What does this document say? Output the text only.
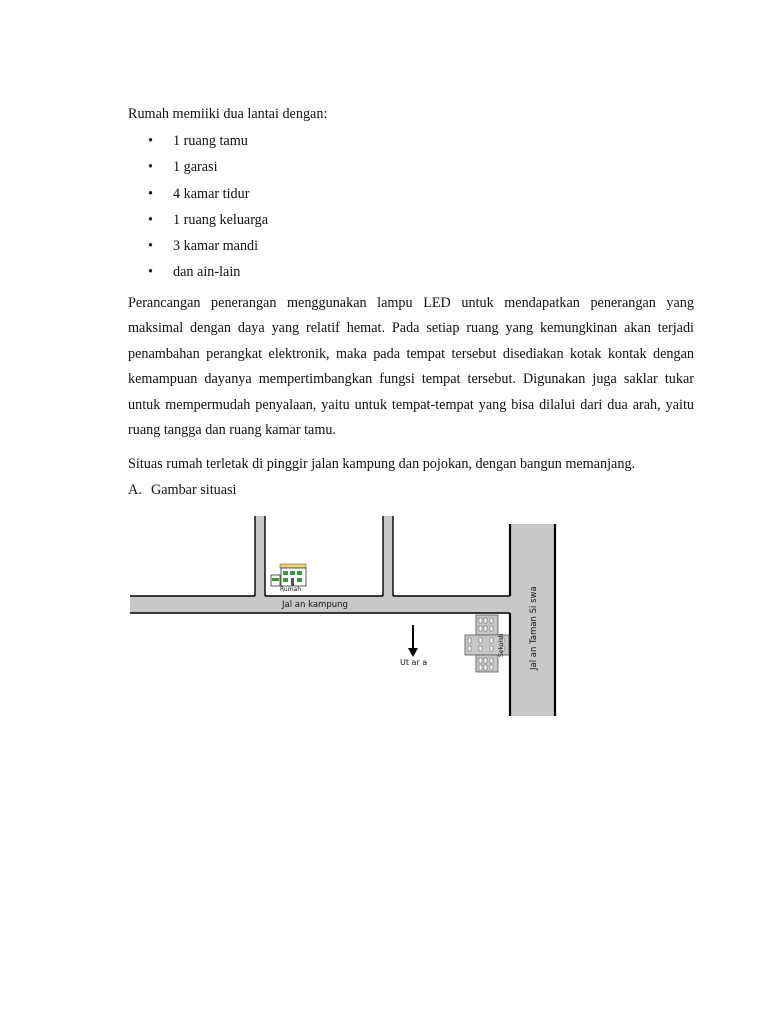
Rumah memiiki dua lantai dengan:
• 1 ruang tamu
• 1 garasi
• 4 kamar tidur
• 1 ruang keluarga
• 3 kamar mandi
• dan ain-lain
Perancangan penerangan menggunakan lampu LED untuk mendapatkan penerangan yang maksimal dengan daya yang relatif hemat. Pada setiap ruang yang kemungkinan akan terjadi penambahan perangkat elektronik, maka pada tempat tersebut disediakan kotak kontak dengan kemampuan dayanya mempertimbangkan fungsi tempat tersebut. Digunakan juga saklar tukar untuk mempermudah penyalaan, yaitu untuk tempat-tempat yang bisa dilalui dari dua arah, yaitu ruang tangga dan ruang kamar tamu.
Situas rumah terletak di pinggir jalan kampung dan pojokan, dengan bangun memanjang.
A. Gambar situasi
Rumah
Jal an kampung
Ut ar a
Sekolah	Jal an Taman Si swa
